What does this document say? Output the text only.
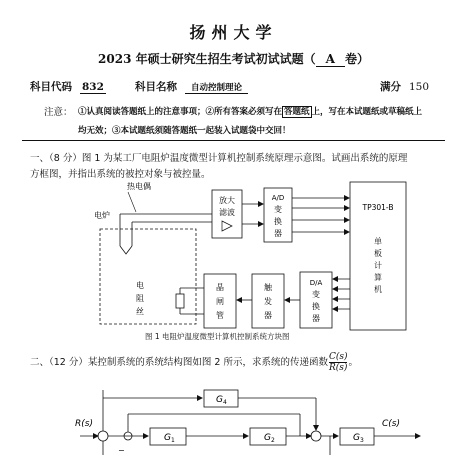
扬州大学
2023 年硕士研究生招生考试初试试题（ A 卷）
科目代码 832	科目名称 自动控制理论	满分 150
注意： ①认真阅读答题纸上的注意事项；②所有答案必须写在 答题纸 上，写在本试题纸或草稿纸上
均无效；③本试题纸须随答题纸一起装入试题袋中交回！
一、（8 分）图 1 为某工厂电阻炉温度微型计算机控制系统原理示意图。试画出系统的原理
方框图，并指出系统的被控对象与被控量。
热电偶
电炉
放大
滤波
A/D
变
换
器
TP301-B
单
板
计
算
机
D/A
变
换
器
触
发
器
晶
闸
管
电
阻
丝
图 1 电阻炉温度微型计算机控制系统方块图
二、（12 分）某控制系统的系统结构图如图 2 所示，求系统的传递函数 $\frac{C(s)}{R(s)}$ 。
R(s)
$G_1$	$G_2$	$G_3$
C(s)
$G_4$
−
